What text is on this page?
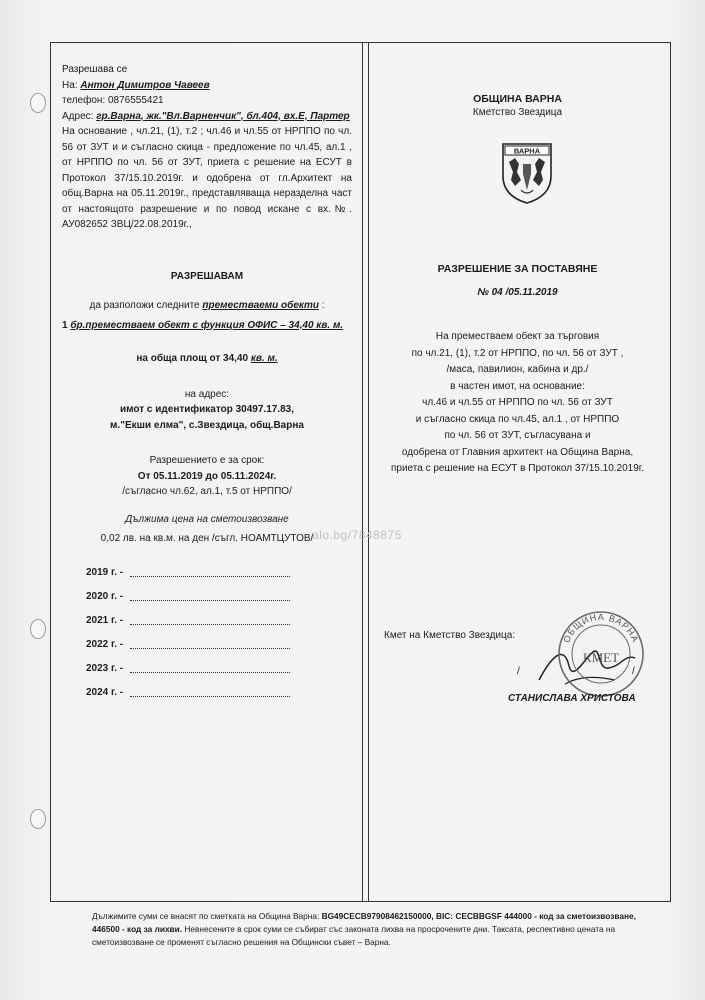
Разрешава се

На: Антон Димитров Чавеев

телефон: 0876555421

Адрес: гр.Варна, жк."Вл.Варненчик", бл.404, вх.Е, Партер

На основание , чл.21, (1), т.2 ; чл.46 и чл.55 от НРППО по чл. 56 от ЗУТ и и съгласно скица - предложение по чл.45, ал.1 , от НРППО по чл. 56 от ЗУТ, приета с решение на ЕСУТ в Протокол 37/15.10.2019г. и одобрена от гл.Архитект на общ.Варна на 05.11.2019г., представляваща неразделна част от настоящото разрешение и по повод искане с вх.№. АУ082652 ЗВЦ/22.08.2019г.,

РАЗРЕШАВАМ

да разположи следните преместваеми обекти :

1 бр.преместваем обект с функция ОФИС – 34,40 кв. м.

на обща площ от 34,40 кв. м.

на адрес:

имот с идентификатор 30497.17.83,

м."Екши елма", с.Звездица, общ.Варна

Разрешението е за срок:

От 05.11.2019 до 05.11.2024г.

/съгласно чл.62, ал.1, т.5 от НРППО/

Дължима цена на сметоизвозване

0,02 лв. на кв.м. на ден /съгл. НОАМТЦУТОВ/

2019 г. -
2020 г. -
2021 г. -
2022 г. -
2023 г. -
2024 г. -
ОБЩИНА ВАРНА
Кметство Звездица
ВАРНА
РАЗРЕШЕНИЕ ЗА ПОСТАВЯНЕ
№ 04 /05.11.2019
На преместваем обект за търговия
по чл.21, (1), т.2 от НРППО, по чл. 56 от ЗУТ ,
/маса, павилион, кабина и др./
в частен имот, на основание:
чл.46 и чл.55 от НРППО по чл. 56 от ЗУТ
и съгласно скица по чл.45, ал.1 , от НРППО
по чл. 56 от ЗУТ, съгласувана и
одобрена от Главния архитект на Община Варна,
приета с решение на ЕСУТ в Протокол 37/15.10.2019г.
Кмет на Кметство Звездица:
/	/
ОБЩИНА ВАРНА
КМЕТ
СТАНИСЛАВА ХРИСТОВА
alo.bg/7848875
Дължимите суми се внасят по сметката на Община Варна: BG49CECB97908462150000, BIC: CECBBGSF 444000 - код за сметоизвозване, 446500 - код за лихви. Невнесените в срок суми се събират със законата лихва на просрочените дни. Таксата, респективно цената на сметоизвозване се променят съгласно решения на Общински съвет – Варна.
